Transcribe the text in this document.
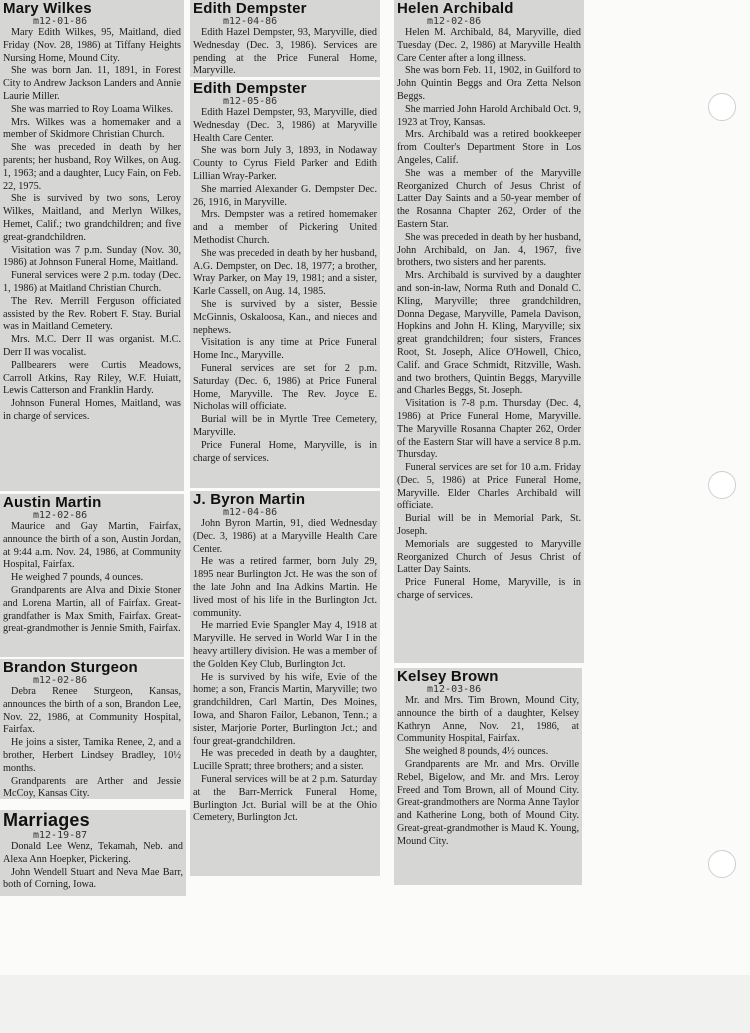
Mary Wilkes
m12-01-86

Mary Edith Wilkes, 95, Maitland, died Friday (Nov. 28, 1986) at Tiffany Heights Nursing Home, Mound City.

She was born Jan. 11, 1891, in Forest City to Andrew Jackson Landers and Annie Laurie Miller.

She was married to Roy Loama Wilkes.

Mrs. Wilkes was a homemaker and a member of Skidmore Christian Church.

She was preceded in death by her parents; her husband, Roy Wilkes, on Aug. 1, 1963; and a daughter, Lucy Fain, on Feb. 22, 1975.

She is survived by two sons, Leroy Wilkes, Maitland, and Merlyn Wilkes, Hemet, Calif.; two grandchildren; and five great-grandchildren.

Visitation was 7 p.m. Sunday (Nov. 30, 1986) at Johnson Funeral Home, Maitland.

Funeral services were 2 p.m. today (Dec. 1, 1986) at Maitland Christian Church.

The Rev. Merrill Ferguson officiated assisted by the Rev. Robert F. Stay. Burial was in Maitland Cemetery.

Mrs. M.C. Derr II was organist. M.C. Derr II was vocalist.

Pallbearers were Curtis Meadows, Carroll Atkins, Ray Riley, W.F. Huiatt, Lewis Catterson and Franklin Hardy.

Johnson Funeral Homes, Maitland, was in charge of services.

Austin Martin
m12-02-86

Maurice and Gay Martin, Fairfax, announce the birth of a son, Austin Jordan, at 9:44 a.m. Nov. 24, 1986, at Community Hospital, Fairfax.

He weighed 7 pounds, 4 ounces.

Grandparents are Alva and Dixie Stoner and Lorena Martin, all of Fairfax. Great-grandfather is Max Smith, Fairfax. Great-great-grandmother is Jennie Smith, Fairfax.

Brandon Sturgeon
m12-02-86

Debra Renee Sturgeon, Kansas, announces the birth of a son, Brandon Lee, Nov. 22, 1986, at Community Hospital, Fairfax.

He joins a sister, Tamika Renee, 2, and a brother, Herbert Lindsey Bradley, 10½ months.

Grandparents are Arther and Jessie McCoy, Kansas City.

Marriages
m12-19-87

Donald Lee Wenz, Tekamah, Neb. and Alexa Ann Hoepker, Pickering.

John Wendell Stuart and Neva Mae Barr, both of Corning, Iowa.

Edith Dempster
m12-04-86

Edith Hazel Dempster, 93, Maryville, died Wednesday (Dec. 3, 1986). Services are pending at the Price Funeral Home, Maryville.

Edith Dempster
m12-05-86

Edith Hazel Dempster, 93, Maryville, died Wednesday (Dec. 3, 1986) at Maryville Health Care Center.

She was born July 3, 1893, in Nodaway County to Cyrus Field Parker and Edith Lillian Wray-Parker.

She married Alexander G. Dempster Dec. 26, 1916, in Maryville.

Mrs. Dempster was a retired homemaker and a member of Pickering United Methodist Church.

She was preceded in death by her husband, A.G. Dempster, on Dec. 18, 1977; a brother, Wray Parker, on May 19, 1981; and a sister, Karle Cassell, on Aug. 14, 1985.

She is survived by a sister, Bessie McGinnis, Oskaloosa, Kan., and nieces and nephews.

Visitation is any time at Price Funeral Home Inc., Maryville.

Funeral services are set for 2 p.m. Saturday (Dec. 6, 1986) at Price Funeral Home, Maryville. The Rev. Joyce E. Nicholas will officiate.

Burial will be in Myrtle Tree Cemetery, Maryville.

Price Funeral Home, Maryville, is in charge of services.

J. Byron Martin
m12-04-86

John Byron Martin, 91, died Wednesday (Dec. 3, 1986) at a Maryville Health Care Center.

He was a retired farmer, born July 29, 1895 near Burlington Jct. He was the son of the late John and Ina Adkins Martin. He lived most of his life in the Burlington Jct. community.

He married Evie Spangler May 4, 1918 at Maryville. He served in World War I in the heavy artillery division. He was a member of the Golden Key Club, Burlington Jct.

He is survived by his wife, Evie of the home; a son, Francis Martin, Maryville; two grandchildren, Carl Martin, Des Moines, Iowa, and Sharon Failor, Lebanon, Tenn.; a sister, Marjorie Porter, Burlington Jct.; and four great-grandchildren.

He was preceded in death by a daughter, Lucille Spratt; three brothers; and a sister.

Funeral services will be at 2 p.m. Saturday at the Barr-Merrick Funeral Home, Burlington Jct. Burial will be at the Ohio Cemetery, Burlington Jct.

Helen Archibald
m12-02-86

Helen M. Archibald, 84, Maryville, died Tuesday (Dec. 2, 1986) at Maryville Health Care Center after a long illness.

She was born Feb. 11, 1902, in Guilford to John Quintin Beggs and Ora Zetta Nelson Beggs.

She married John Harold Archibald Oct. 9, 1923 at Troy, Kansas.

Mrs. Archibald was a retired bookkeeper from Coulter's Department Store in Los Angeles, Calif.

She was a member of the Maryville Reorganized Church of Jesus Christ of Latter Day Saints and a 50-year member of the Rosanna Chapter 262, Order of the Eastern Star.

She was preceded in death by her husband, John Archibald, on Jan. 4, 1967, five brothers, two sisters and her parents.

Mrs. Archibald is survived by a daughter and son-in-law, Norma Ruth and Donald C. Kling, Maryville; three grandchildren, Donna Degase, Maryville, Pamela Davison, Hopkins and John H. Kling, Maryville; six great grandchildren; four sisters, Frances Root, St. Joseph, Alice O'Howell, Chico, Calif. and Grace Schmidt, Ritzville, Wash. and two brothers, Quintin Beggs, Maryville and Charles Beggs, St. Joseph.

Visitation is 7-8 p.m. Thursday (Dec. 4, 1986) at Price Funeral Home, Maryville. The Maryville Rosanna Chapter 262, Order of the Eastern Star will have a service 8 p.m. Thursday.

Funeral services are set for 10 a.m. Friday (Dec. 5, 1986) at Price Funeral Home, Maryville. Elder Charles Archibald will officiate.

Burial will be in Memorial Park, St. Joseph.

Memorials are suggested to Maryville Reorganized Church of Jesus Christ of Latter Day Saints.

Price Funeral Home, Maryville, is in charge of services.

Kelsey Brown
m12-03-86

Mr. and Mrs. Tim Brown, Mound City, announce the birth of a daughter, Kelsey Kathryn Anne, Nov. 21, 1986, at Community Hospital, Fairfax.

She weighed 8 pounds, 4½ ounces.

Grandparents are Mr. and Mrs. Orville Rebel, Bigelow, and Mr. and Mrs. Leroy Freed and Tom Brown, all of Mound City. Great-grandmothers are Norma Anne Taylor and Katherine Long, both of Mound City. Great-great-grandmother is Maud K. Young, Mound City.
